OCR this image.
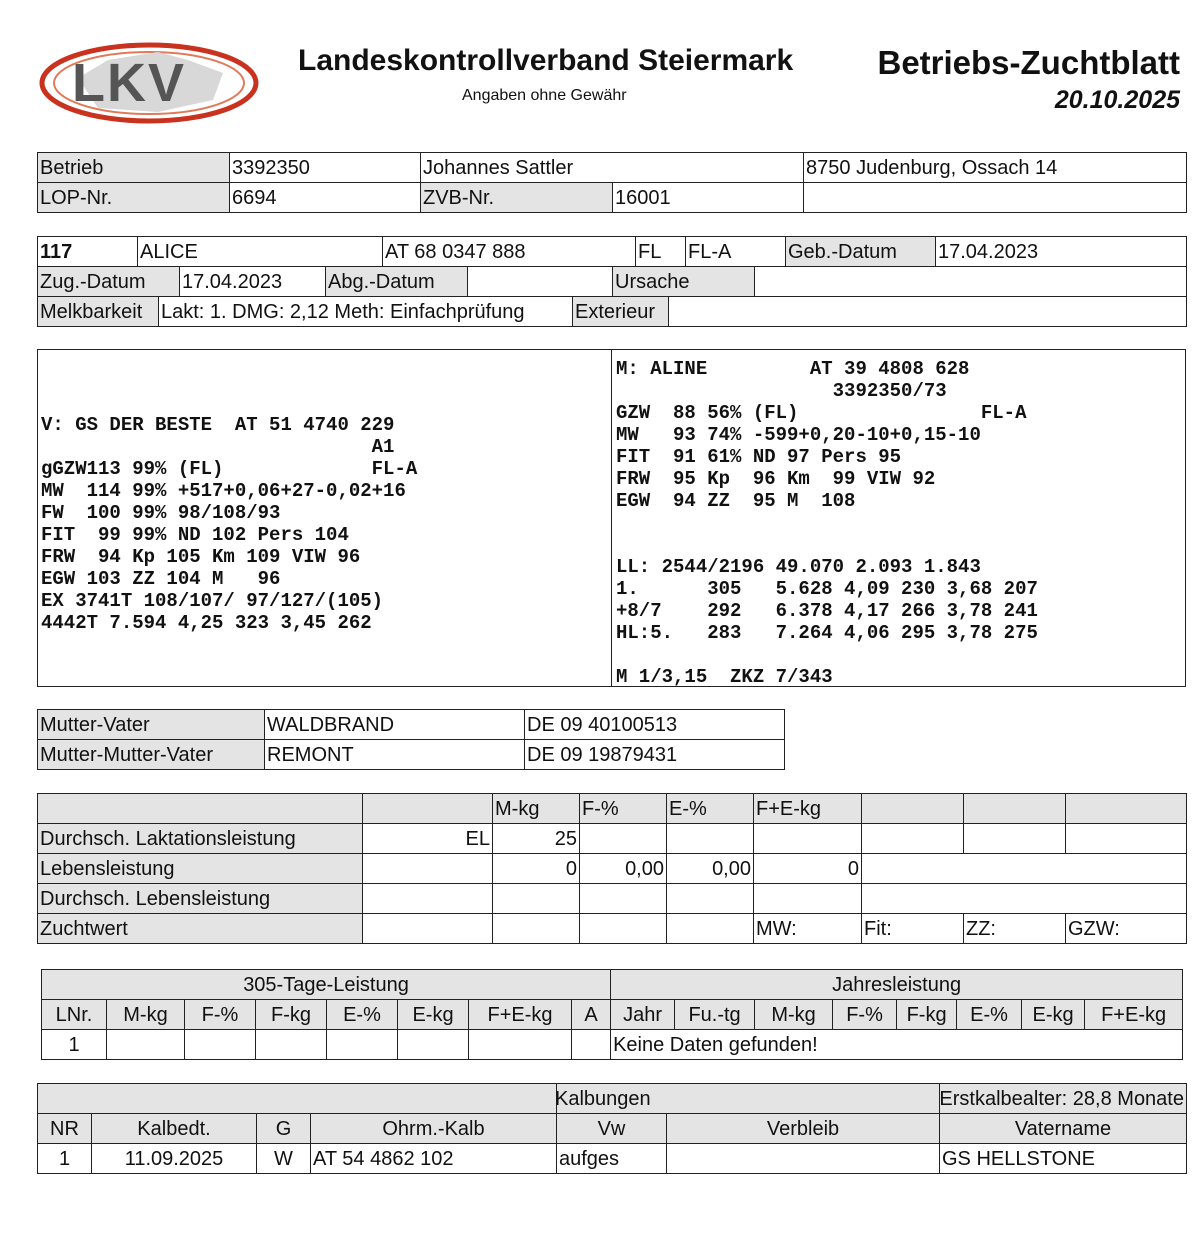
LKV	Landeskontrollverband Steiermark
Angaben ohne Gewähr
Betriebs-Zuchtblatt
20.10.2025
Betrieb	3392350	Johannes Sattler		8750 Judenburg, Ossach 14
LOP-Nr.	6694	ZVB-Nr.	16001	
117	ALICE	AT 68 0347 888	FL	FL-A	Geb.-Datum	17.04.2023
Zug.-Datum	17.04.2023	Abg.-Datum		Ursache	
Melkbarkeit	Lakt: 1. DMG: 2,12 Meth: Einfachprüfung	Exterieur	
V: GS DER BESTE  AT 51 4740 229
A1
gGZW113 99% (FL)             FL-A
MW  114 99% +517+0,06+27-0,02+16
FW  100 99% 98/108/93
FIT  99 99% ND 102 Pers 104
FRW  94 Kp 105 Km 109 VIW 96
EGW 103 ZZ 104 M   96
EX 3741T 108/107/ 97/127/(105)
4442T 7.594 4,25 323 3,45 262
M: ALINE         AT 39 4808 628
3392350/73
GZW  88 56% (FL)                FL-A
MW   93 74% -599+0,20-10+0,15-10
FIT  91 61% ND 97 Pers 95
FRW  95 Kp  96 Km  99 VIW 92
EGW  94 ZZ  95 M  108

LL: 2544/2196 49.070 2.093 1.843
1.      305   5.628 4,09 230 3,68 207
+8/7    292   6.378 4,17 266 3,78 241
HL:5.   283   7.264 4,06 295 3,78 275

M 1/3,15  ZKZ 7/343
Mutter-Vater	WALDBRAND	DE 09 40100513
Mutter-Mutter-Vater	REMONT	DE 09 19879431
		M-kg	F-%	E-%	F+E-kg			
Durchsch. Laktationsleistung	EL	25						
Lebensleistung		0	0,00	0,00	0			
Durchsch. Lebensleistung								
Zuchtwert					MW:	Fit:	ZZ:	GZW:
305-Tage-Leistung								Jahresleistung							
LNr.	M-kg	F-%	F-kg	E-%	E-kg	F+E-kg	A	Jahr	Fu.-tg	M-kg	F-%	F-kg	E-%	E-kg	F+E-kg
1								Keine Daten gefunden!							

				Kalbungen		Erstkalbealter: 28,8 Monate

NR	Kalbedt.	G	Ohrm.-Kalb	Vw	Verbleib	Vatername
1	11.09.2025	W	AT 54 4862 102	aufges		GS HELLSTONE
